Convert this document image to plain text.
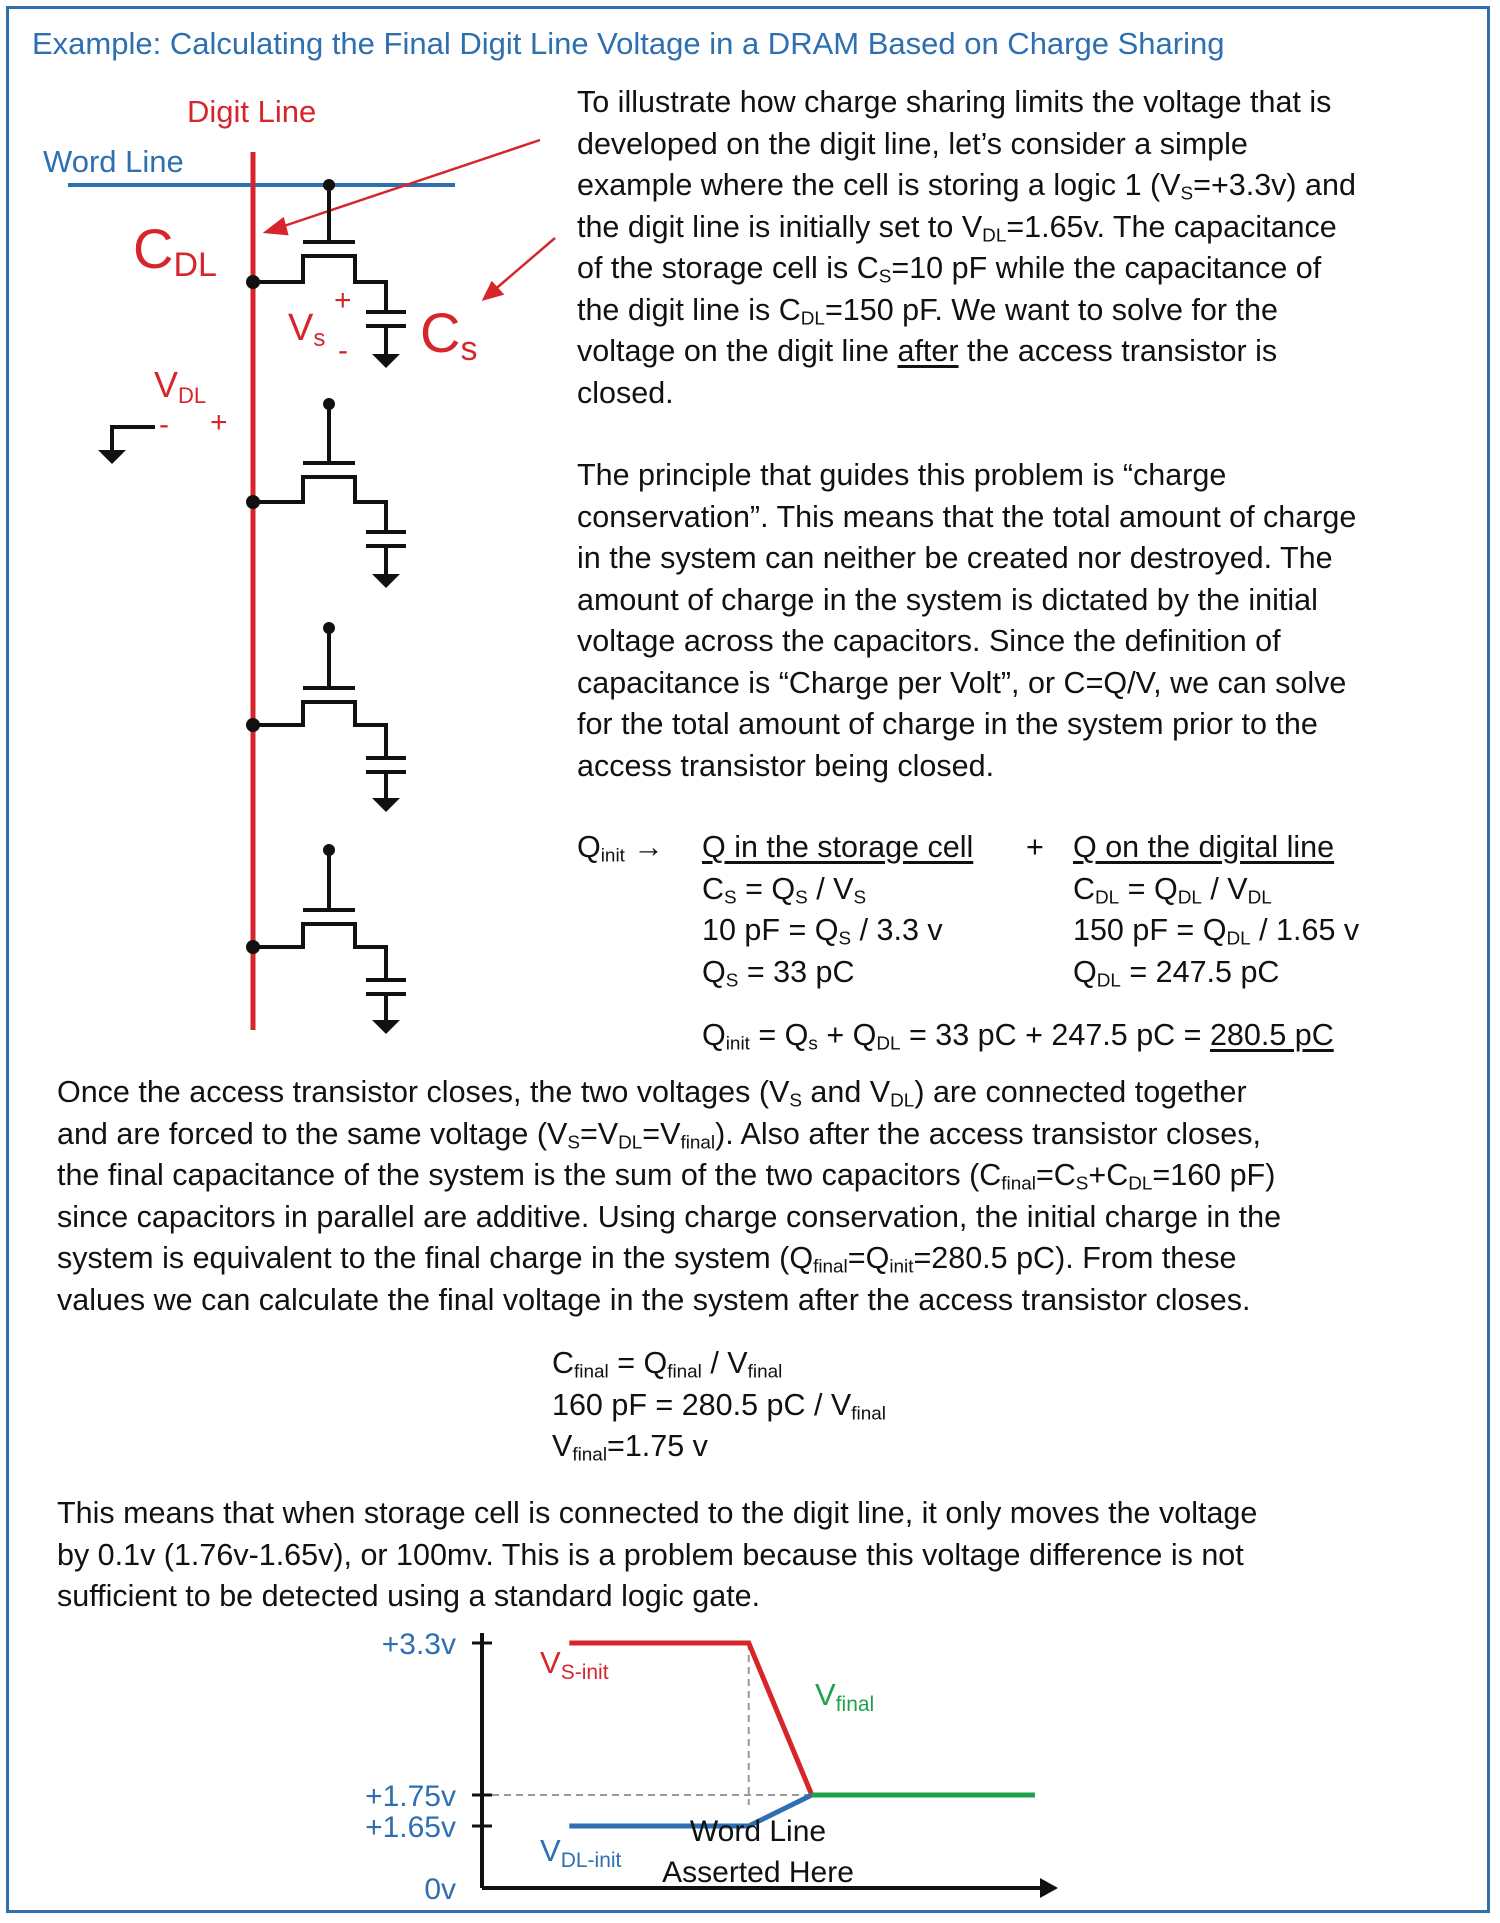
Example: Calculating the Final Digit Line Voltage in a DRAM Based on Charge Sharing
Digit Line
Word Line
CDL
Vs
+
- Cs
VDL
- +
To illustrate how charge sharing limits the voltage that is
developed on the digit line, let’s consider a simple
example where the cell is storing a logic 1 $(V_S=+3.3v)$ and
the digit line is initially set to $V_{DL}=1.65v$. The capacitance
of the storage cell is $C_S=10$ pF while the capacitance of
the digit line is $C_{DL}=150$ pF. We want to solve for the
voltage on the digit line after the access transistor is
closed.
The principle that guides this problem is “charge
conservation”. This means that the total amount of charge
in the system can neither be created nor destroyed. The
amount of charge in the system is dictated by the initial
voltage across the capacitors. Since the definition of
capacitance is “Charge per Volt”, or C=Q/V, we can solve
for the total amount of charge in the system prior to the
access transistor being closed.
$Q_{init} \to Q$ in the storage cell
$C_S = Q_S / V_S$
10 pF = $Q_S / 3.3$ v
$Q_S = 33$ pC
+ Q on the digital line
$C_{DL} = Q_{DL} / V_{DL}$
150 pF = $Q_{DL} / 1.65$ v
$Q_{DL} = 247.5$ pC
$Q_{init} = Q_s + Q_{DL} = 33$ pC + 247.5 pC = 280.5 pC
Once the access transistor closes, the two voltages ($V_S$ and $V_{DL}$) are connected together
and are forced to the same voltage $(V_S=V_{DL}=V_{final})$. Also after the access transistor closes,
the final capacitance of the system is the sum of the two capacitors ($C_{final}=C_S+C_{DL}=160$ pF)
since capacitors in parallel are additive. Using charge conservation, the initial charge in the
system is equivalent to the final charge in the system ($Q_{final}=Q_{init}=280.5$ pC). From these
values we can calculate the final voltage in the system after the access transistor closes.
$C_{final} = Q_{final} / V_{final}$
160 pF = 280.5 pC / $V_{final}$
$V_{final}=1.75$ v
This means that when storage cell is connected to the digit line, it only moves the voltage
by 0.1v (1.76v-1.65v), or 100mv. This is a problem because this voltage difference is not
sufficient to be detected using a standard logic gate.
+3.3v
+1.75v
+1.65v
0v
VS-init
VDL-init
Vfinal
Word Line
Asserted Here
